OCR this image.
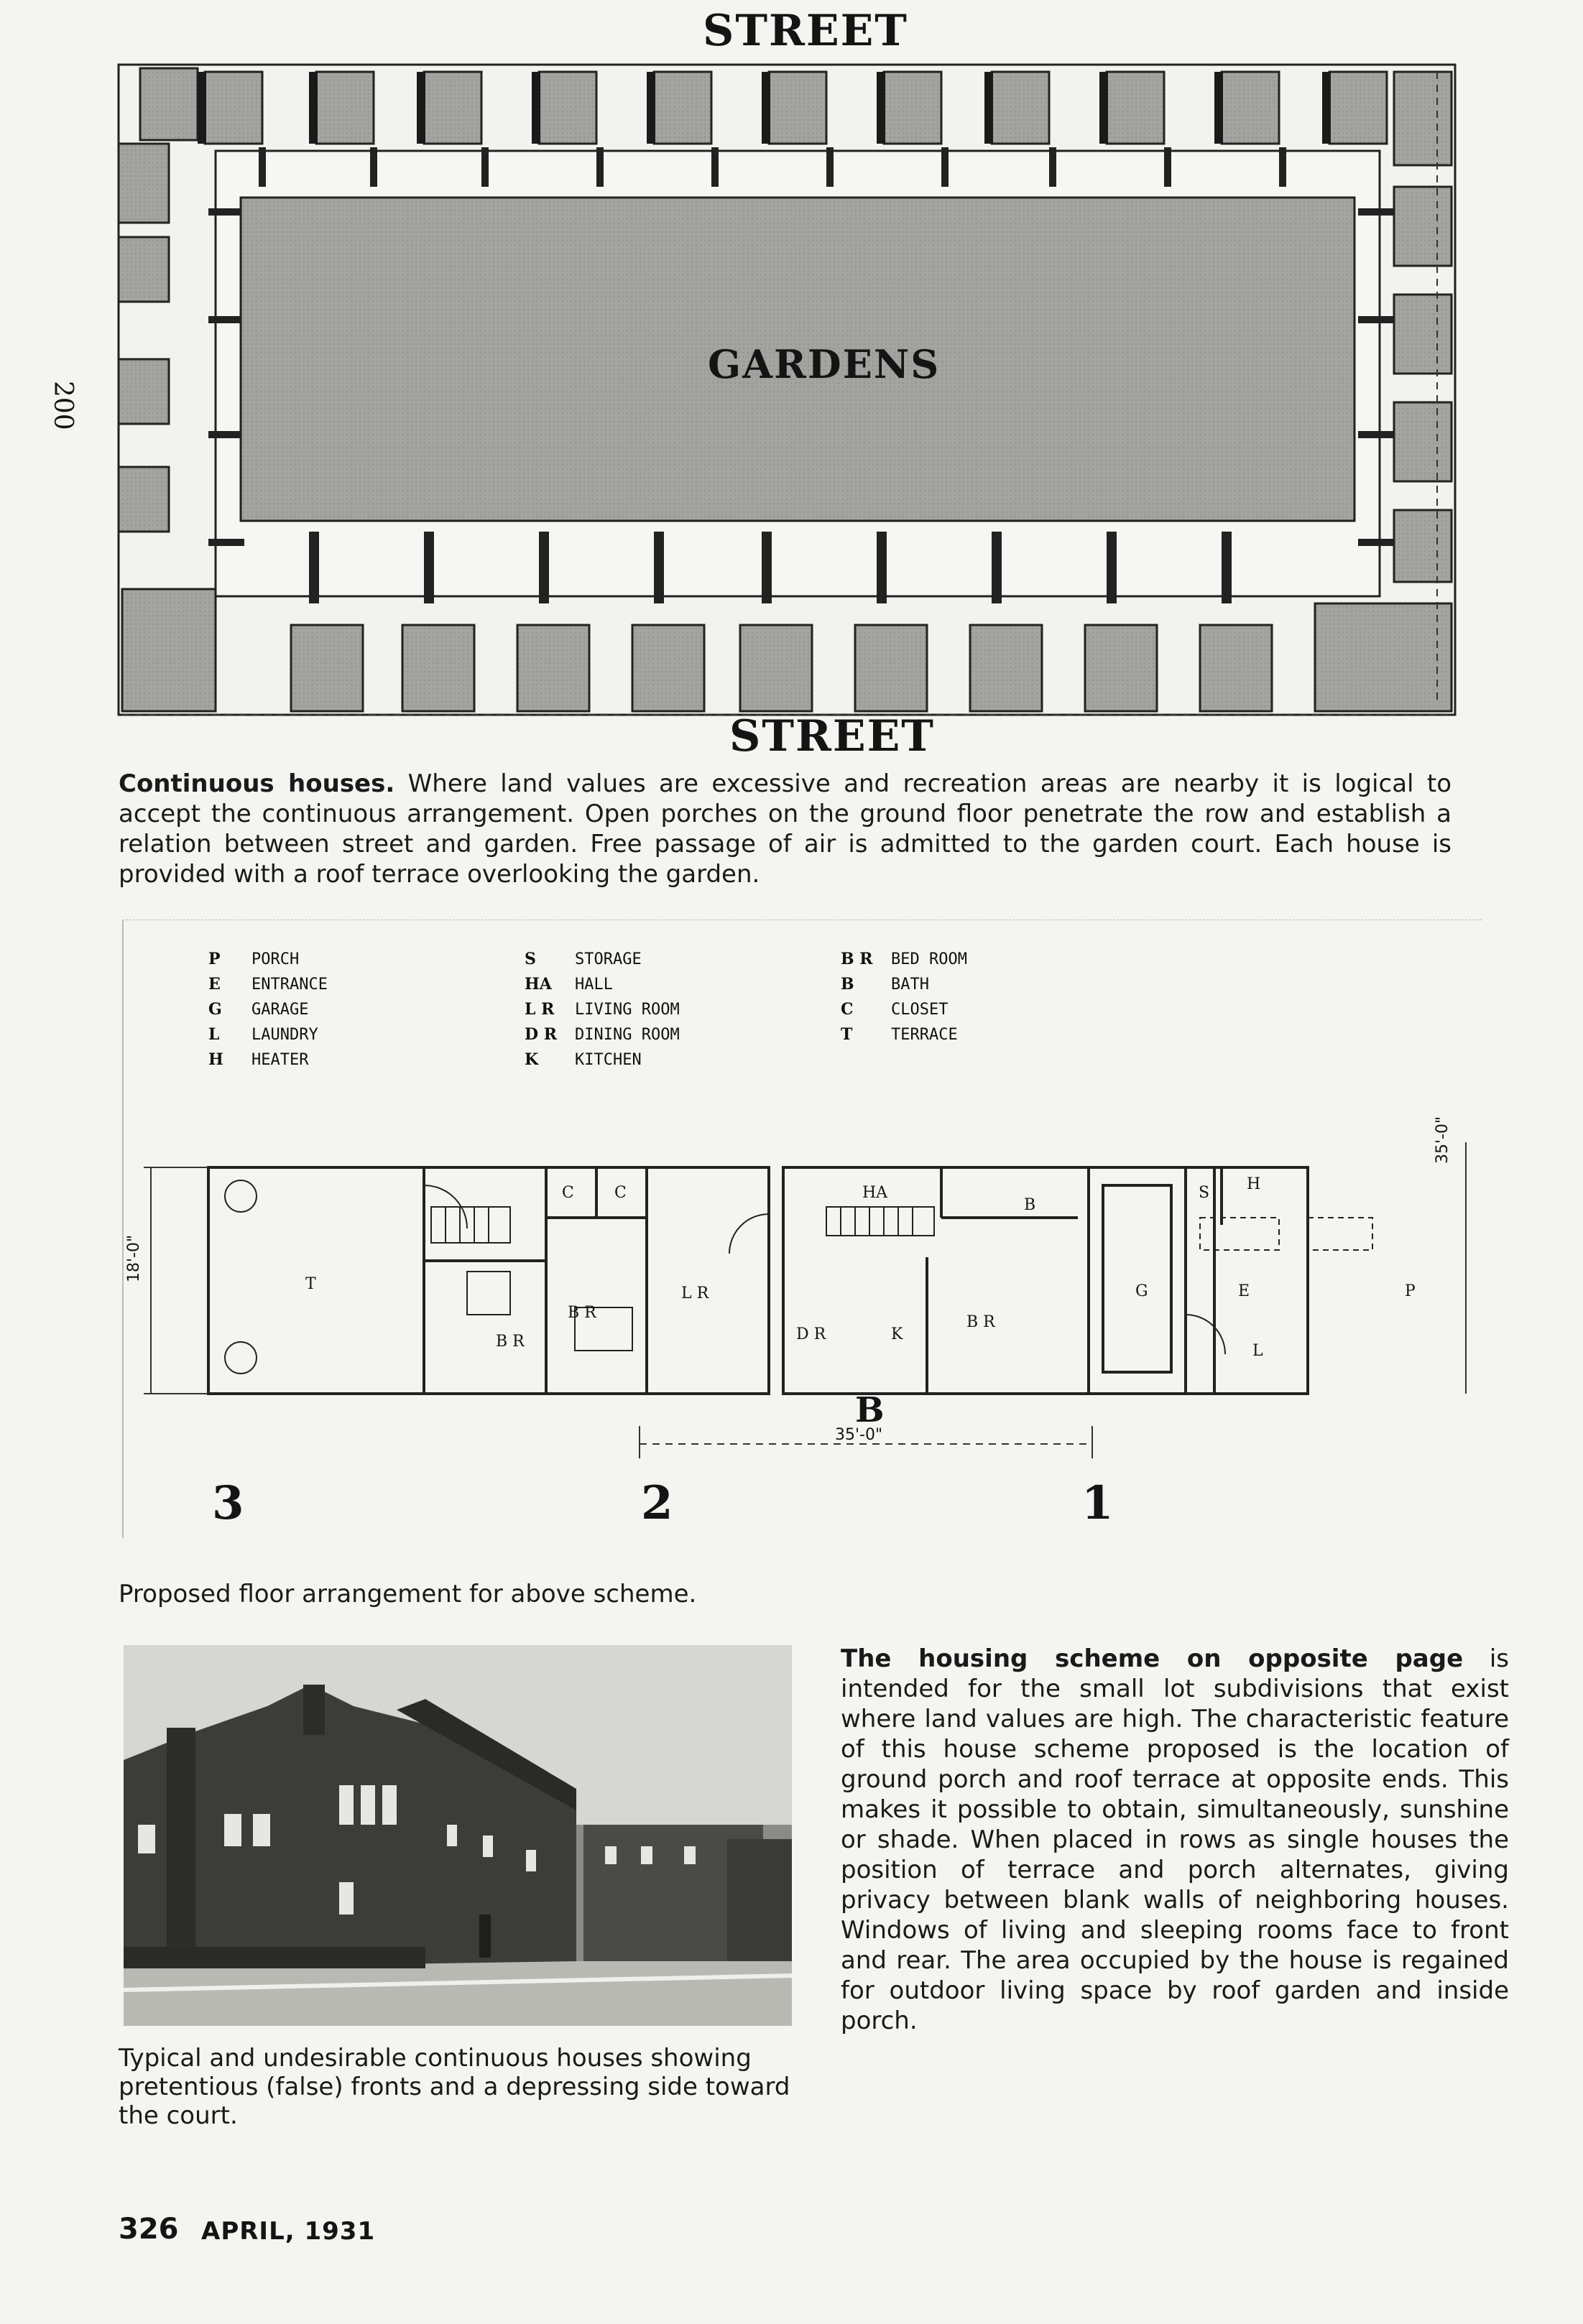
STREET
GARDENS
200
STREET
Continuous houses. Where land values are excessive and recreation areas are nearby it is logical to accept the continuous arrangement. Open porches on the ground floor penetrate the row and establish a relation between street and garden. Free passage of air is admitted to the garden court. Each house is provided with a roof terrace overlooking the garden.
P PORCH
E ENTRANCE
G GARAGE
L LAUNDRY
H HEATER
S STORAGE
HA HALL
L R LIVING ROOM
D R DINING ROOM
K KITCHEN
B R BED ROOM
B BATH
C CLOSET
T TERRACE
T
B R
B R
C	C
L R
HA
B
D R	K
B R
G
S H
E
L
P
35'-0"
18'-0"
35'-0"
B
3	2	1
Proposed floor arrangement for above scheme.
Typical and undesirable continuous houses showing pretentious (false) fronts and a depressing side toward the court.
The housing scheme on opposite page is intended for the small lot subdivisions that exist where land values are high. The characteristic feature of this house scheme proposed is the location of ground porch and roof terrace at opposite ends. This makes it possible to obtain, simultaneously, sunshine or shade. When placed in rows as single houses the position of terrace and porch alternates, giving privacy between blank walls of neighboring houses. Windows of living and sleeping rooms face to front and rear. The area occupied by the house is regained for outdoor living space by roof garden and inside porch.
326 APRIL, 1931
